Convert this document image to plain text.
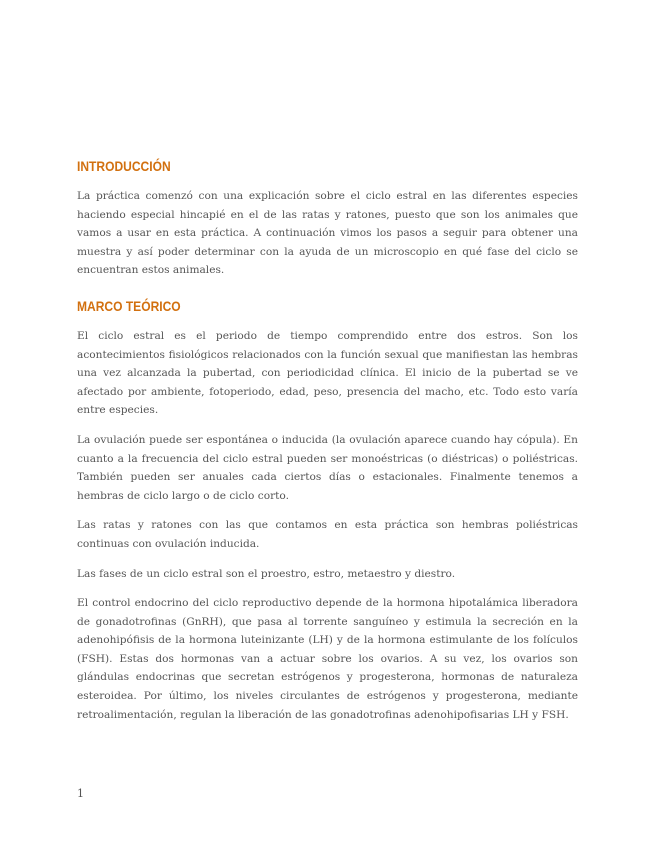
INTRODUCCIÓN

La práctica comenzó con una explicación sobre el ciclo estral en las diferentes especies haciendo especial hincapié en el de las ratas y ratones, puesto que son los animales que vamos a usar en esta práctica. A continuación vimos los pasos a seguir para obtener una muestra y así poder determinar con la ayuda de un microscopio en qué fase del ciclo se encuentran estos animales.

MARCO TEÓRICO

El ciclo estral es el periodo de tiempo comprendido entre dos estros. Son los acontecimientos fisiológicos relacionados con la función sexual que manifiestan las hembras una vez alcanzada la pubertad, con periodicidad clínica. El inicio de la pubertad se ve afectado por ambiente, fotoperiodo, edad, peso, presencia del macho, etc. Todo esto varía entre especies.

La ovulación puede ser espontánea o inducida (la ovulación aparece cuando hay cópula). En cuanto a la frecuencia del ciclo estral pueden ser monoéstricas (o diéstricas) o poliéstricas. También pueden ser anuales cada ciertos días o estacionales. Finalmente tenemos a hembras de ciclo largo o de ciclo corto.

Las ratas y ratones con las que contamos en esta práctica son hembras poliéstricas continuas con ovulación inducida.

Las fases de un ciclo estral son el proestro, estro, metaestro y diestro.

El control endocrino del ciclo reproductivo depende de la hormona hipotalámica liberadora de gonadotrofinas (GnRH), que pasa al torrente sanguíneo y estimula la secreción en la adenohipófisis de la hormona luteinizante (LH) y de la hormona estimulante de los folículos (FSH). Estas dos hormonas van a actuar sobre los ovarios. A su vez, los ovarios son glándulas endocrinas que secretan estrógenos y progesterona, hormonas de naturaleza esteroidea. Por último, los niveles circulantes de estrógenos y progesterona, mediante retroalimentación, regulan la liberación de las gonadotrofinas adenohipofisarias LH y FSH.

1
